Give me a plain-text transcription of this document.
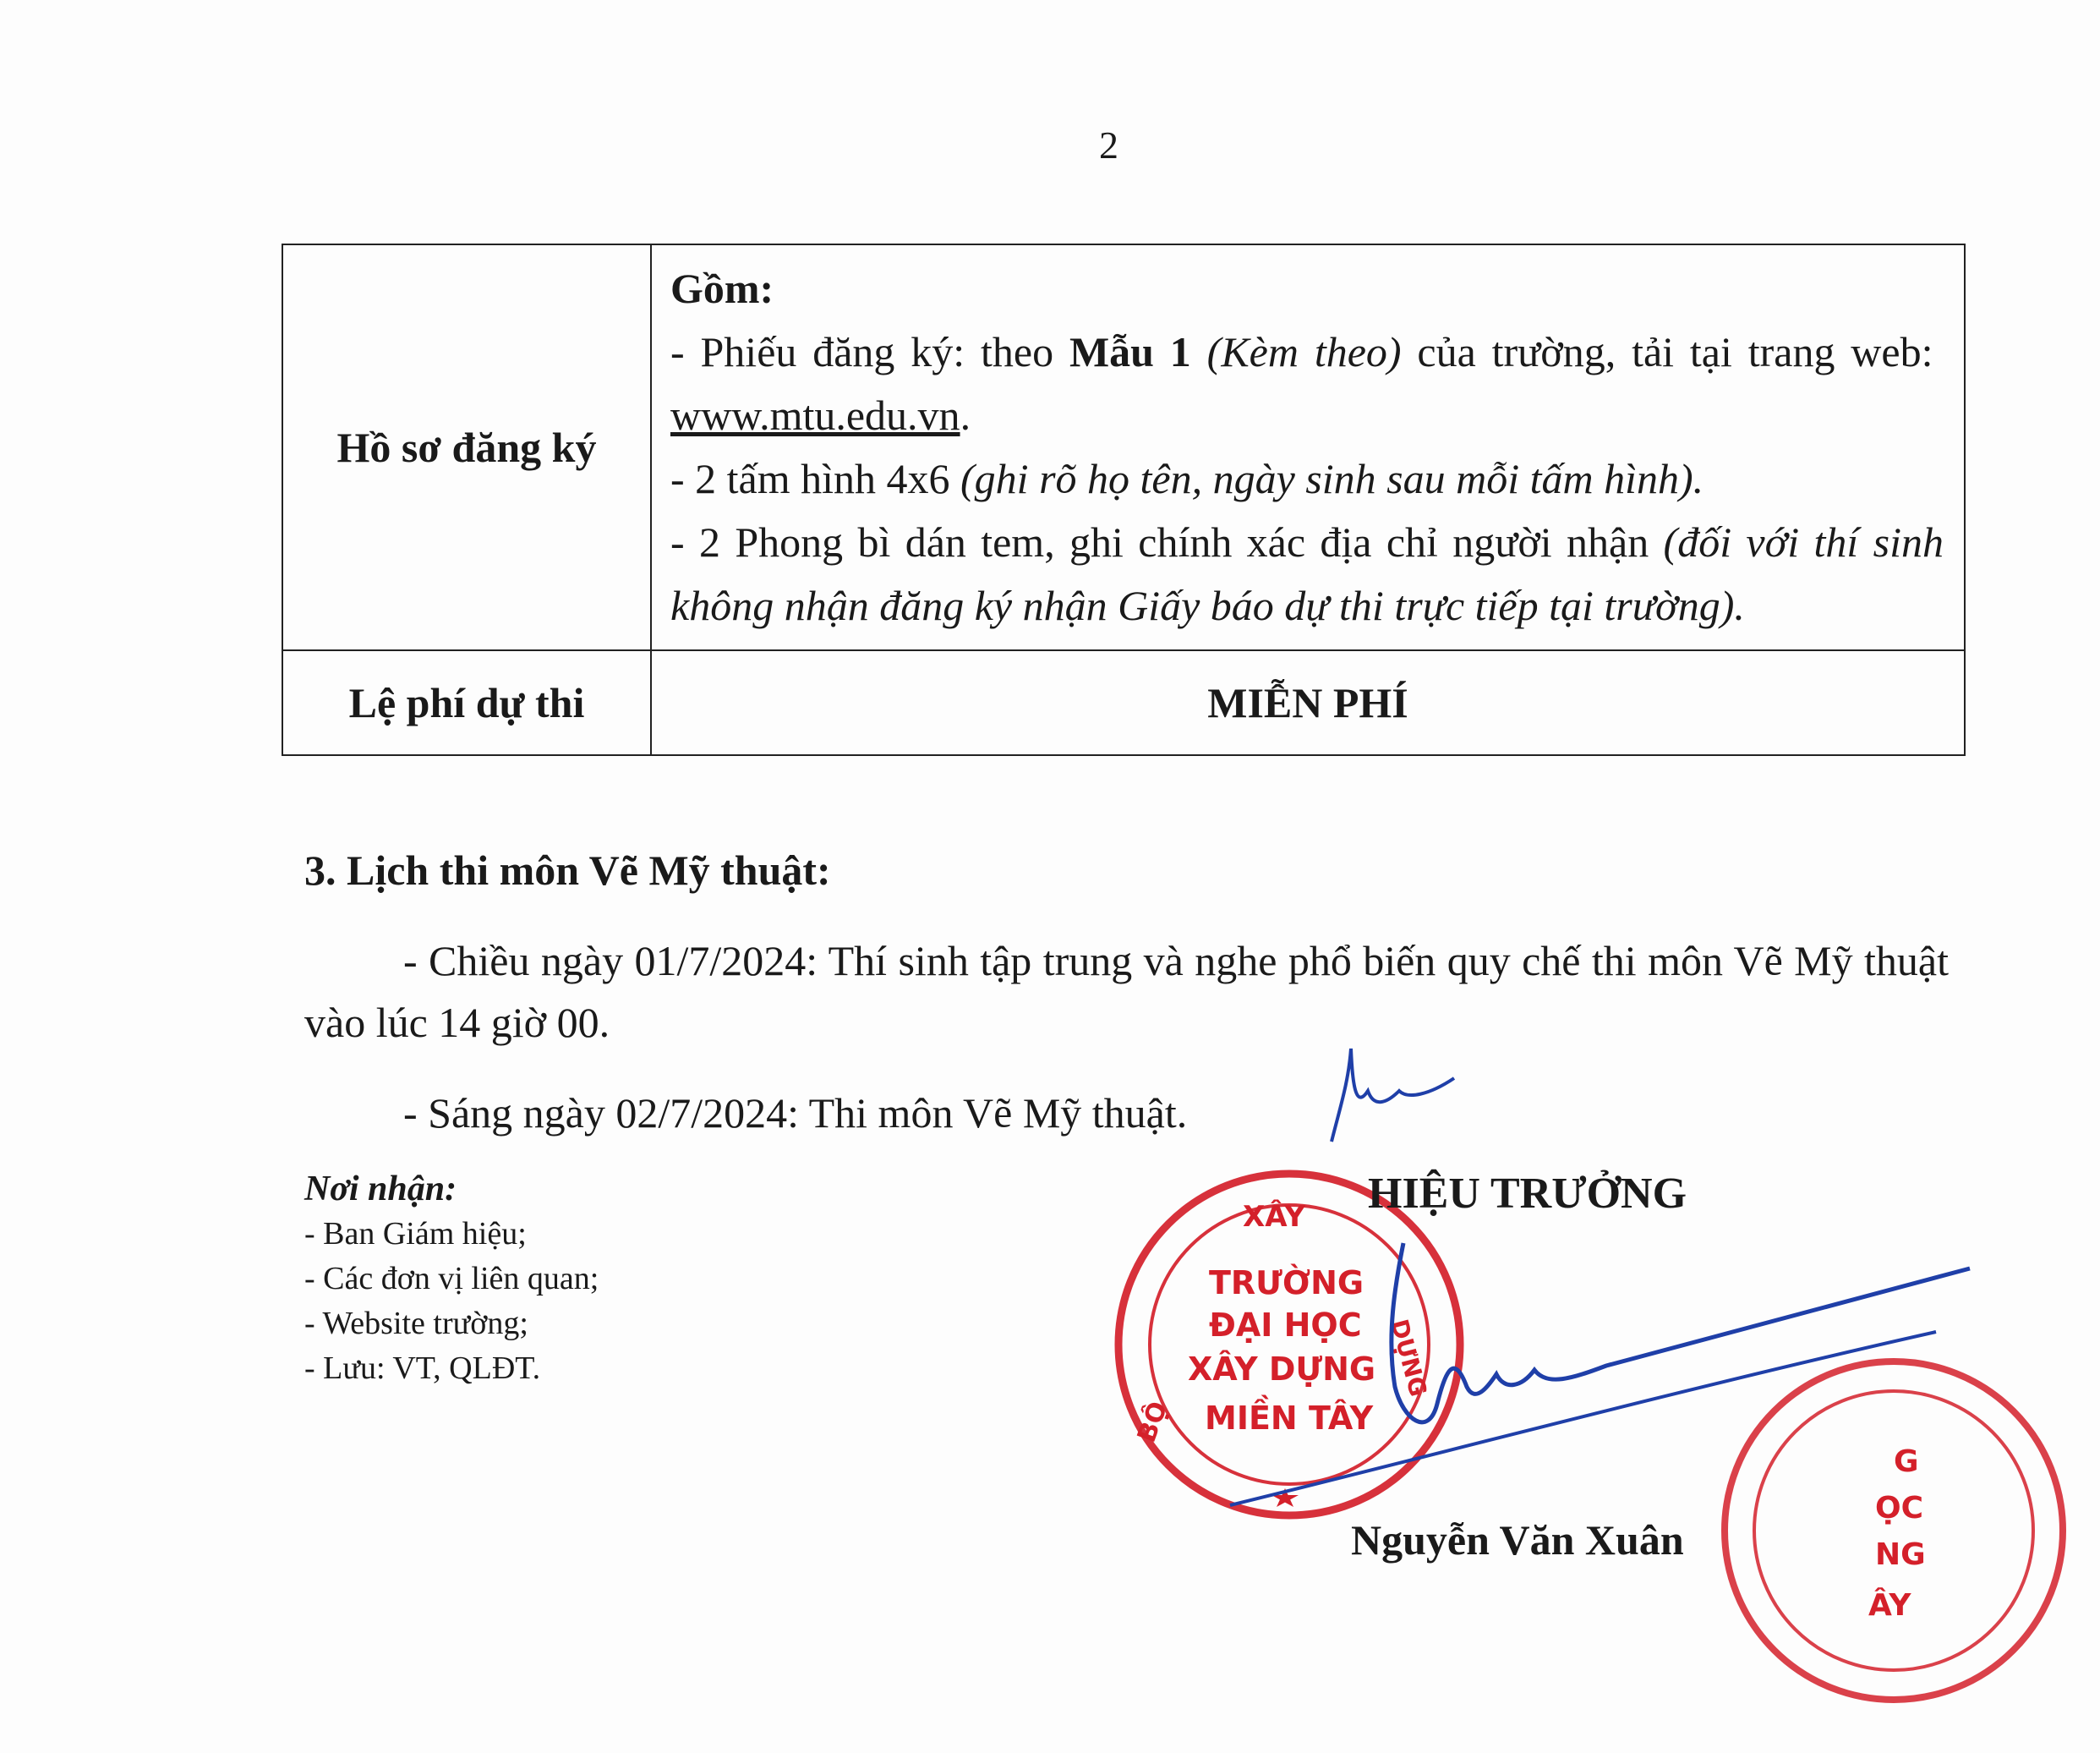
2
Hồ sơ đăng ký	Gồm:

- Phiếu đăng ký: theo Mẫu 1 (Kèm theo) của trường, tải tại trang web:  www.mtu.edu.vn.

- 2 tấm hình 4x6 (ghi rõ họ tên, ngày sinh sau mỗi tấm hình).

- 2 Phong bì dán tem, ghi chính xác địa chỉ người nhận (đối với thí sinh không nhận đăng ký nhận Giấy báo dự thi trực tiếp tại trường).

Lệ phí dự thi	MIỄN PHÍ
3. Lịch thi môn Vẽ Mỹ thuật:
- Chiều ngày 01/7/2024: Thí sinh tập trung và nghe phổ biến quy chế thi môn Vẽ Mỹ thuật vào lúc 14 giờ 00.
- Sáng ngày 02/7/2024: Thi môn Vẽ Mỹ thuật.
Nơi nhận:
- Ban Giám hiệu;
- Các đơn vị liên quan;
- Website trường;
- Lưu: VT, QLĐT.
XÂY
BỘ
DỰNG
TRƯỜNG
ĐẠI HỌC
XÂY DỰNG
MIỀN TÂY
G
ỌC
NG
ÂY
HIỆU TRƯỞNG
Nguyễn Văn Xuân
